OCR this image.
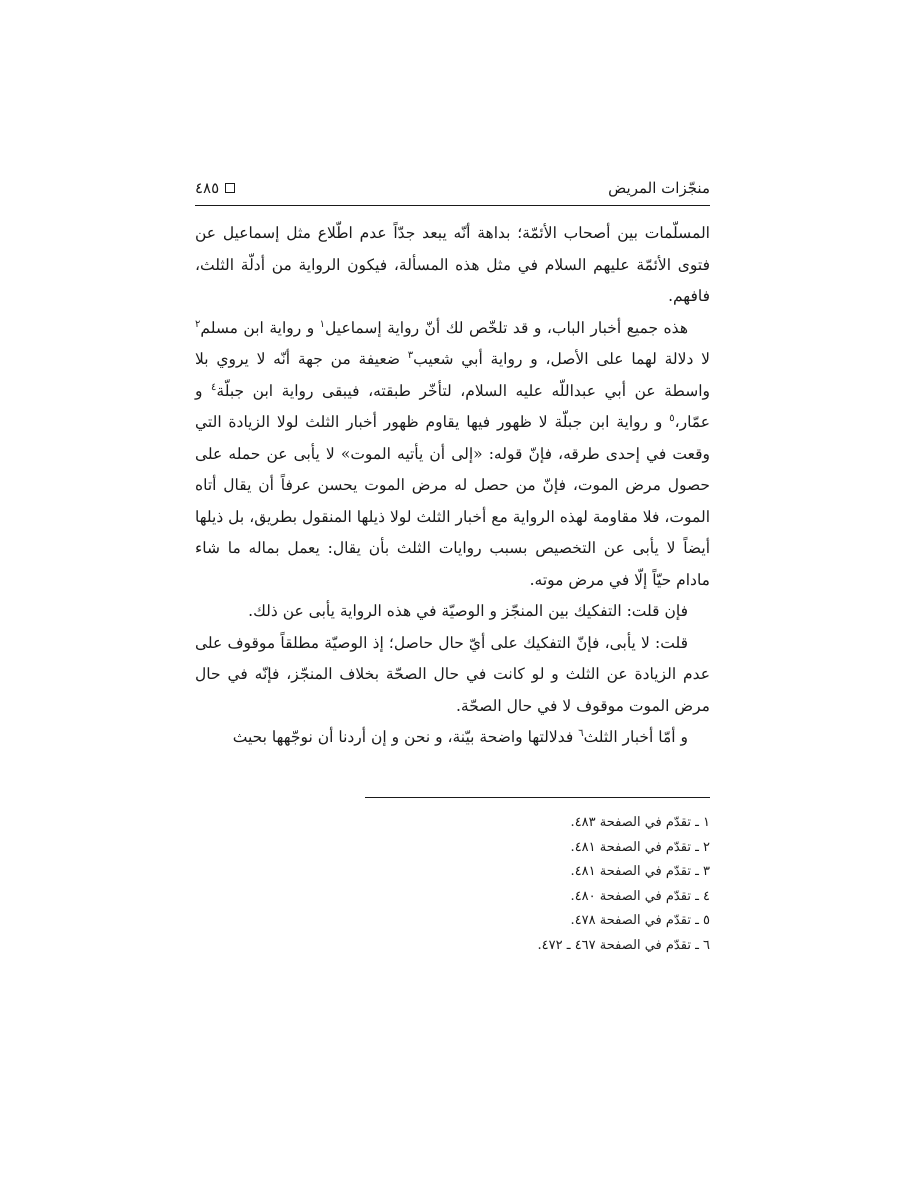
منجّزات المريض
٤٨٥

المسلّمات بين أصحاب الأئمّة؛ بداهة أنّه يبعد جدّاً عدم اطّلاع مثل إسماعيل عن فتوى الأئمّة عليهم السلام في مثل هذه المسألة، فيكون الرواية من أدلّة الثلث، فافهم.

هذه جميع أخبار الباب، و قد تلخّص لك أنّ رواية إسماعيل$^١$ و رواية ابن مسلم$^٢$ لا دلالة لهما على الأصل، و رواية أبي شعيب$^٣$ ضعيفة من جهة أنّه لا يروي بلا واسطة عن أبي عبداللّه عليه السلام، لتأخّر طبقته، فيبقى رواية ابن جبلّة$^٤$ و عمّار،$^٥$ و رواية ابن جبلّة لا ظهور فيها يقاوم ظهور أخبار الثلث لولا الزيادة التي وقعت في إحدى طرقه، فإنّ قوله: «إلى أن يأتيه الموت» لا يأبى عن حمله على حصول مرض الموت، فإنّ من حصل له مرض الموت يحسن عرفاً أن يقال أتاه الموت، فلا مقاومة لهذه الرواية مع أخبار الثلث لولا ذيلها المنقول بطريق، بل ذيلها أيضاً لا يأبى عن التخصيص بسبب روايات الثلث بأن يقال: يعمل بماله ما شاء مادام حيّاً إلّا في مرض موته.

فإن قلت: التفكيك بين المنجّز و الوصيّة في هذه الرواية يأبى عن ذلك.

قلت: لا يأبى، فإنّ التفكيك على أيّ حال حاصل؛ إذ الوصيّة مطلقاً موقوف على عدم الزيادة عن الثلث و لو كانت في حال الصحّة بخلاف المنجّز، فإنّه في حال مرض الموت موقوف لا في حال الصحّة.

و أمّا أخبار الثلث$^٦$ فدلالتها واضحة بيّنة، و نحن و إن أردنا أن نوجّهها بحيث

١ ـ تقدّم في الصفحة ٤٨٣.
٢ ـ تقدّم في الصفحة ٤٨١.
٣ ـ تقدّم في الصفحة ٤٨١.
٤ ـ تقدّم في الصفحة ٤٨٠.
٥ ـ تقدّم في الصفحة ٤٧٨.
٦ ـ تقدّم في الصفحة ٤٦٧ ـ ٤٧٢.
